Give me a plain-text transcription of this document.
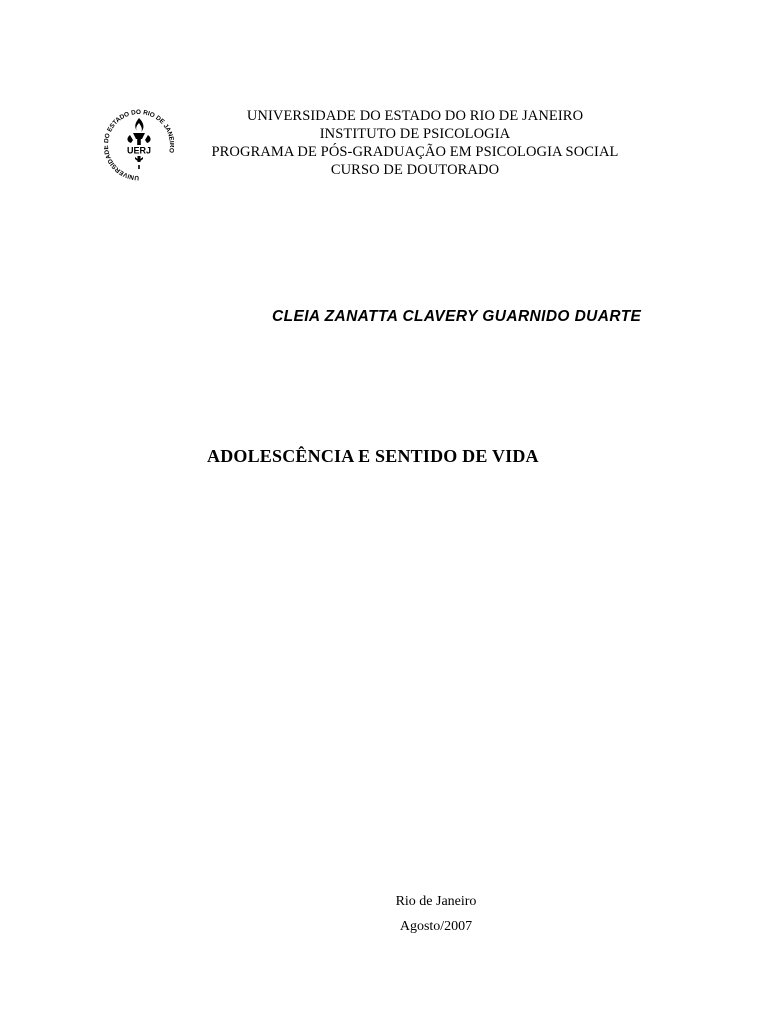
UNIVERSIDAD O ESTADO DO RIO DE JANE
UERJ
UNIVERSIDADE DO ESTADO DO RIO DE JANEIRO
INSTITUTO DE PSICOLOGIA
PROGRAMA DE PÓS-GRADUAÇÃO EM PSICOLOGIA SOCIAL
CURSO DE DOUTORADO
CLEIA ZANATTA CLAVERY GUARNIDO DUARTE
ADOLESCÊNCIA E SENTIDO DE VIDA
Rio de Janeiro
Agosto/2007
